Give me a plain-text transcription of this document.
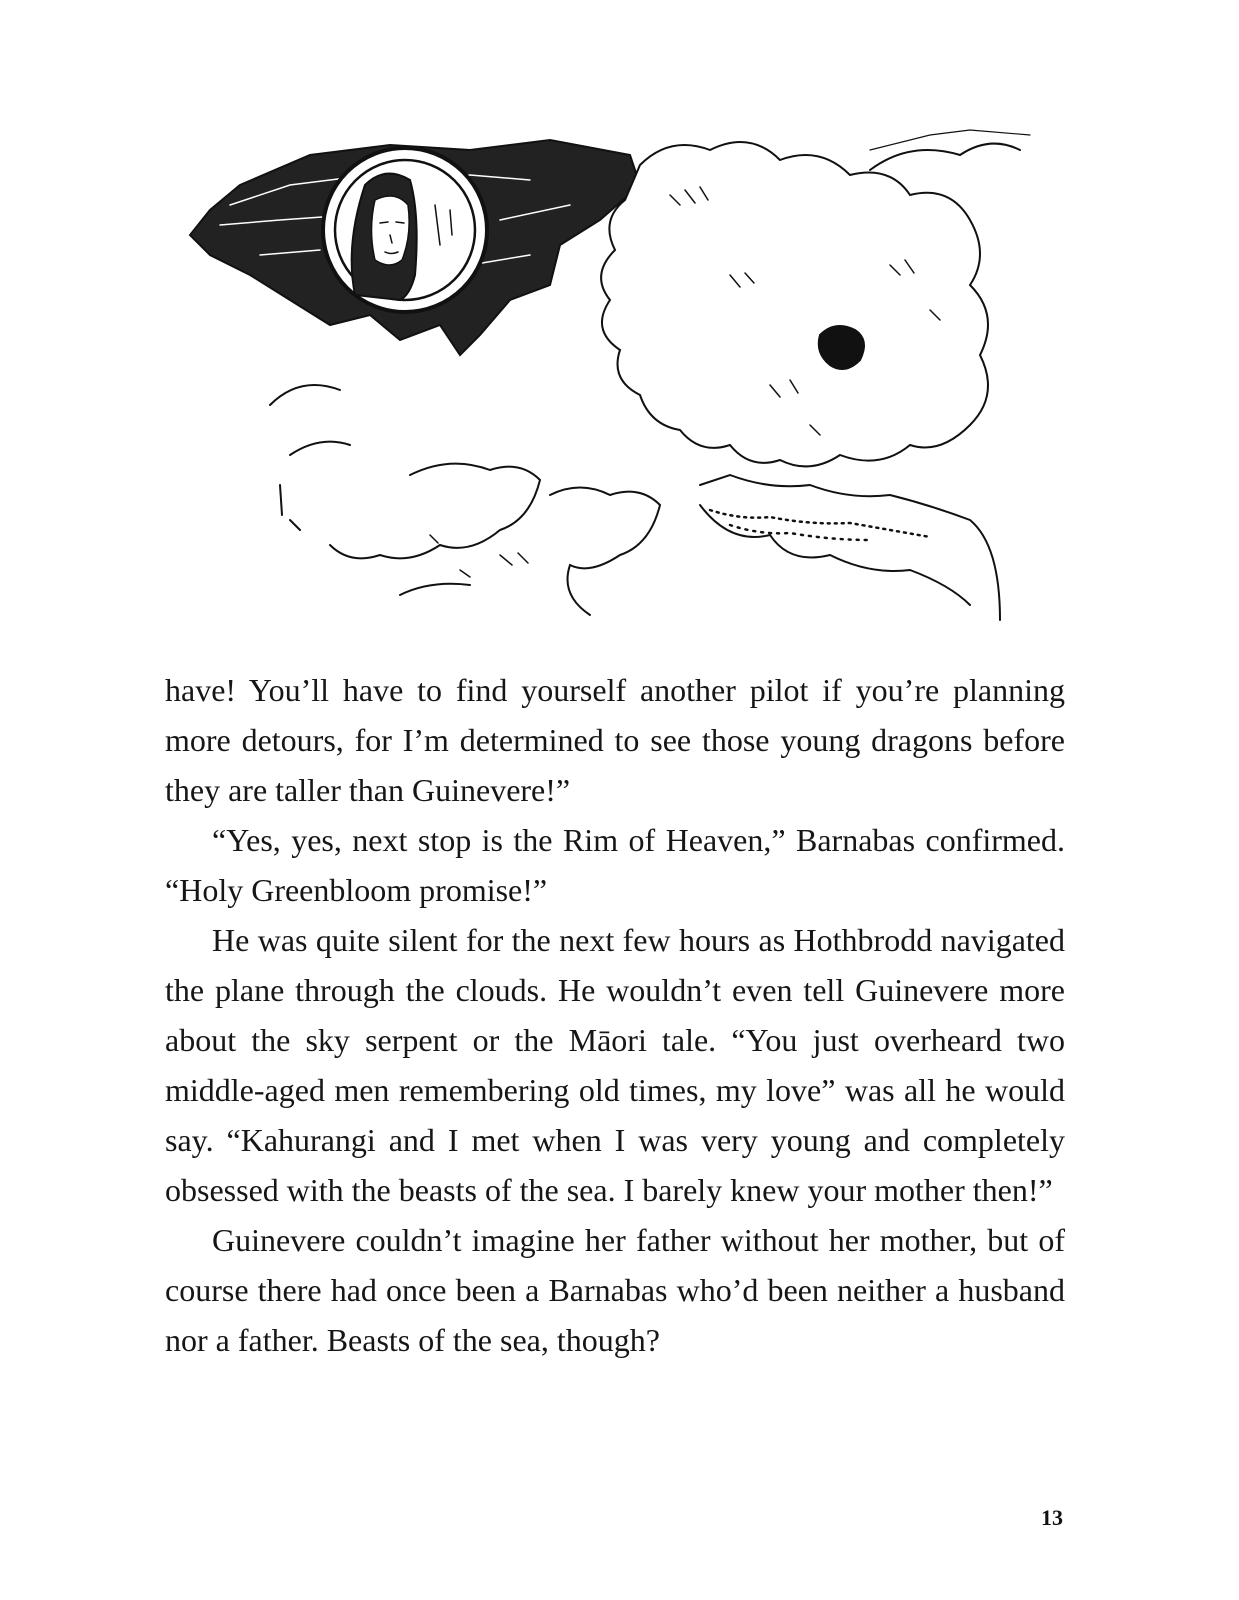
have! You’ll have to find yourself another pilot if you’re planning more detours, for I’m determined to see those young dragons before they are taller than Guinevere!”

“Yes, yes, next stop is the Rim of Heaven,” Barnabas confirmed. “Holy Greenbloom promise!”

He was quite silent for the next few hours as Hothbrodd navigated the plane through the clouds. He wouldn’t even tell Guinevere more about the sky serpent or the Māori tale. “You just overheard two middle-aged men remembering old times, my love” was all he would say. “Kahurangi and I met when I was very young and completely obsessed with the beasts of the sea. I barely knew your mother then!”

Guinevere couldn’t imagine her father without her mother, but of course there had once been a Barnabas who’d been neither a husband nor a father. Beasts of the sea, though?

13
